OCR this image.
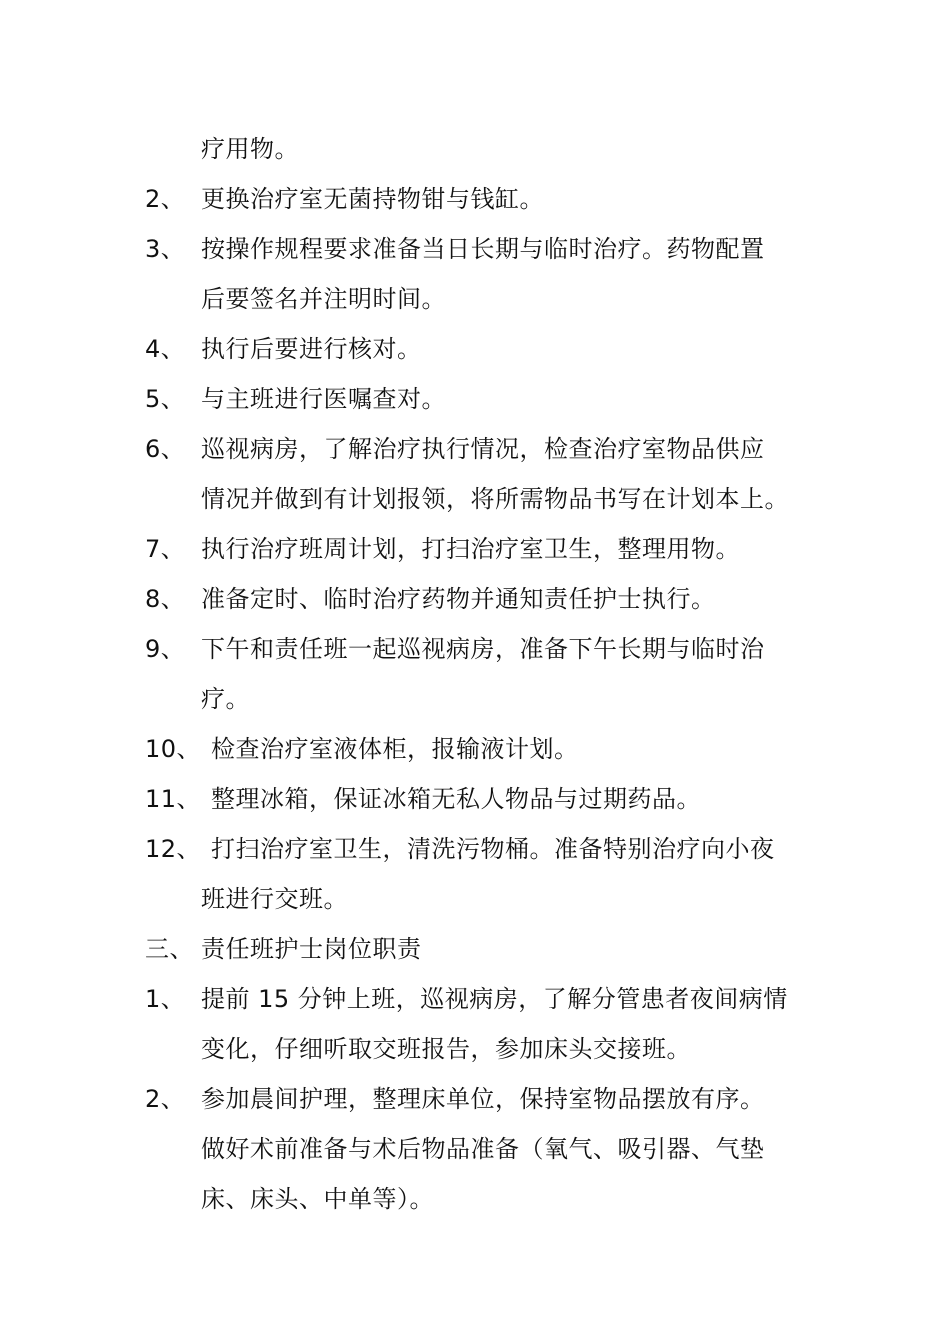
疗用物。
2、 更换治疗室无菌持物钳与钱缸。
3、 按操作规程要求准备当日长期与临时治疗。药物配置
后要签名并注明时间。
4、 执行后要进行核对。
5、 与主班进行医嘱查对。
6、 巡视病房，了解治疗执行情况，检查治疗室物品供应
情况并做到有计划报领，将所需物品书写在计划本上。
7、 执行治疗班周计划，打扫治疗室卫生，整理用物。
8、 准备定时、临时治疗药物并通知责任护士执行。
9、 下午和责任班一起巡视病房，准备下午长期与临时治
疗。
10、 检查治疗室液体柜，报输液计划。
11、 整理冰箱，保证冰箱无私人物品与过期药品。
12、 打扫治疗室卫生，清洗污物桶。准备特别治疗向小夜
班进行交班。
三、 责任班护士岗位职责
1、 提前 15 分钟上班，巡视病房，了解分管患者夜间病情
变化，仔细听取交班报告，参加床头交接班。
2、 参加晨间护理，整理床单位，保持室物品摆放有序。
做好术前准备与术后物品准备（氧气、吸引器、气垫
床、床头、中单等）。
